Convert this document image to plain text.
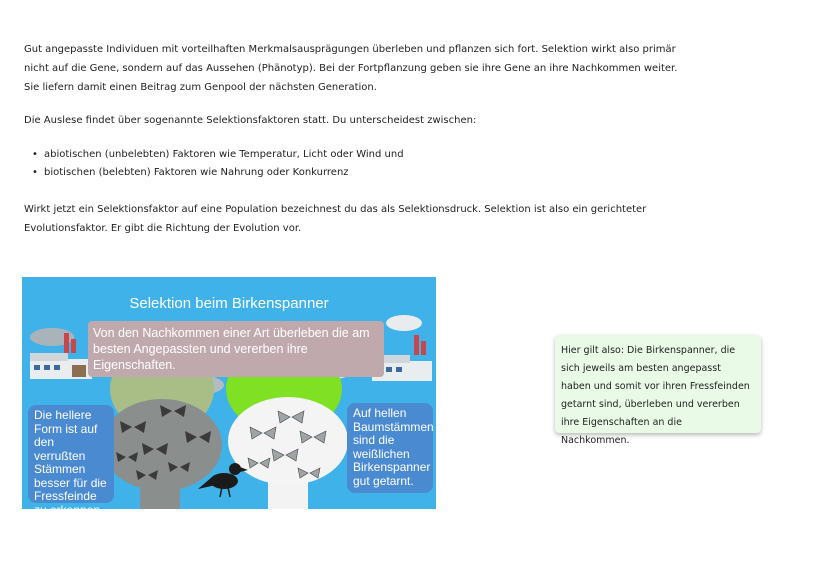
Gut angepasste Individuen mit vorteilhaften Merkmalsausprägungen überleben und pflanzen sich fort. Selektion wirkt also primär nicht auf die Gene, sondern auf das Aussehen (Phänotyp). Bei der Fortpflanzung geben sie ihre Gene an ihre Nachkommen weiter. Sie liefern damit einen Beitrag zum Genpool der nächsten Generation.

Die Auslese findet über sogenannte Selektionsfaktoren statt. Du unterscheidest zwischen:

• abiotischen (unbelebten) Faktoren wie Temperatur, Licht oder Wind und
• biotischen (belebten) Faktoren wie Nahrung oder Konkurrenz

Wirkt jetzt ein Selektionsfaktor auf eine Population bezeichnest du das als Selektionsdruck. Selektion ist also ein gerichteter Evolutionsfaktor. Er gibt die Richtung der Evolution vor.

Selektion beim Birkenspanner
Von den Nachkommen einer Art überleben die am besten Angepassten und vererben ihre Eigenschaften.
Die hellere Form ist auf den verrußten Stämmen besser für die Fressfeinde zu erkennen.
Auf hellen Baumstämmen sind die weißlichen Birkenspanner gut getarnt.
Hier gilt also: Die Birkenspanner, die sich jeweils am besten angepasst haben und somit vor ihren Fressfeinden getarnt sind, überleben und vererben ihre Eigenschaften an die Nachkommen.
